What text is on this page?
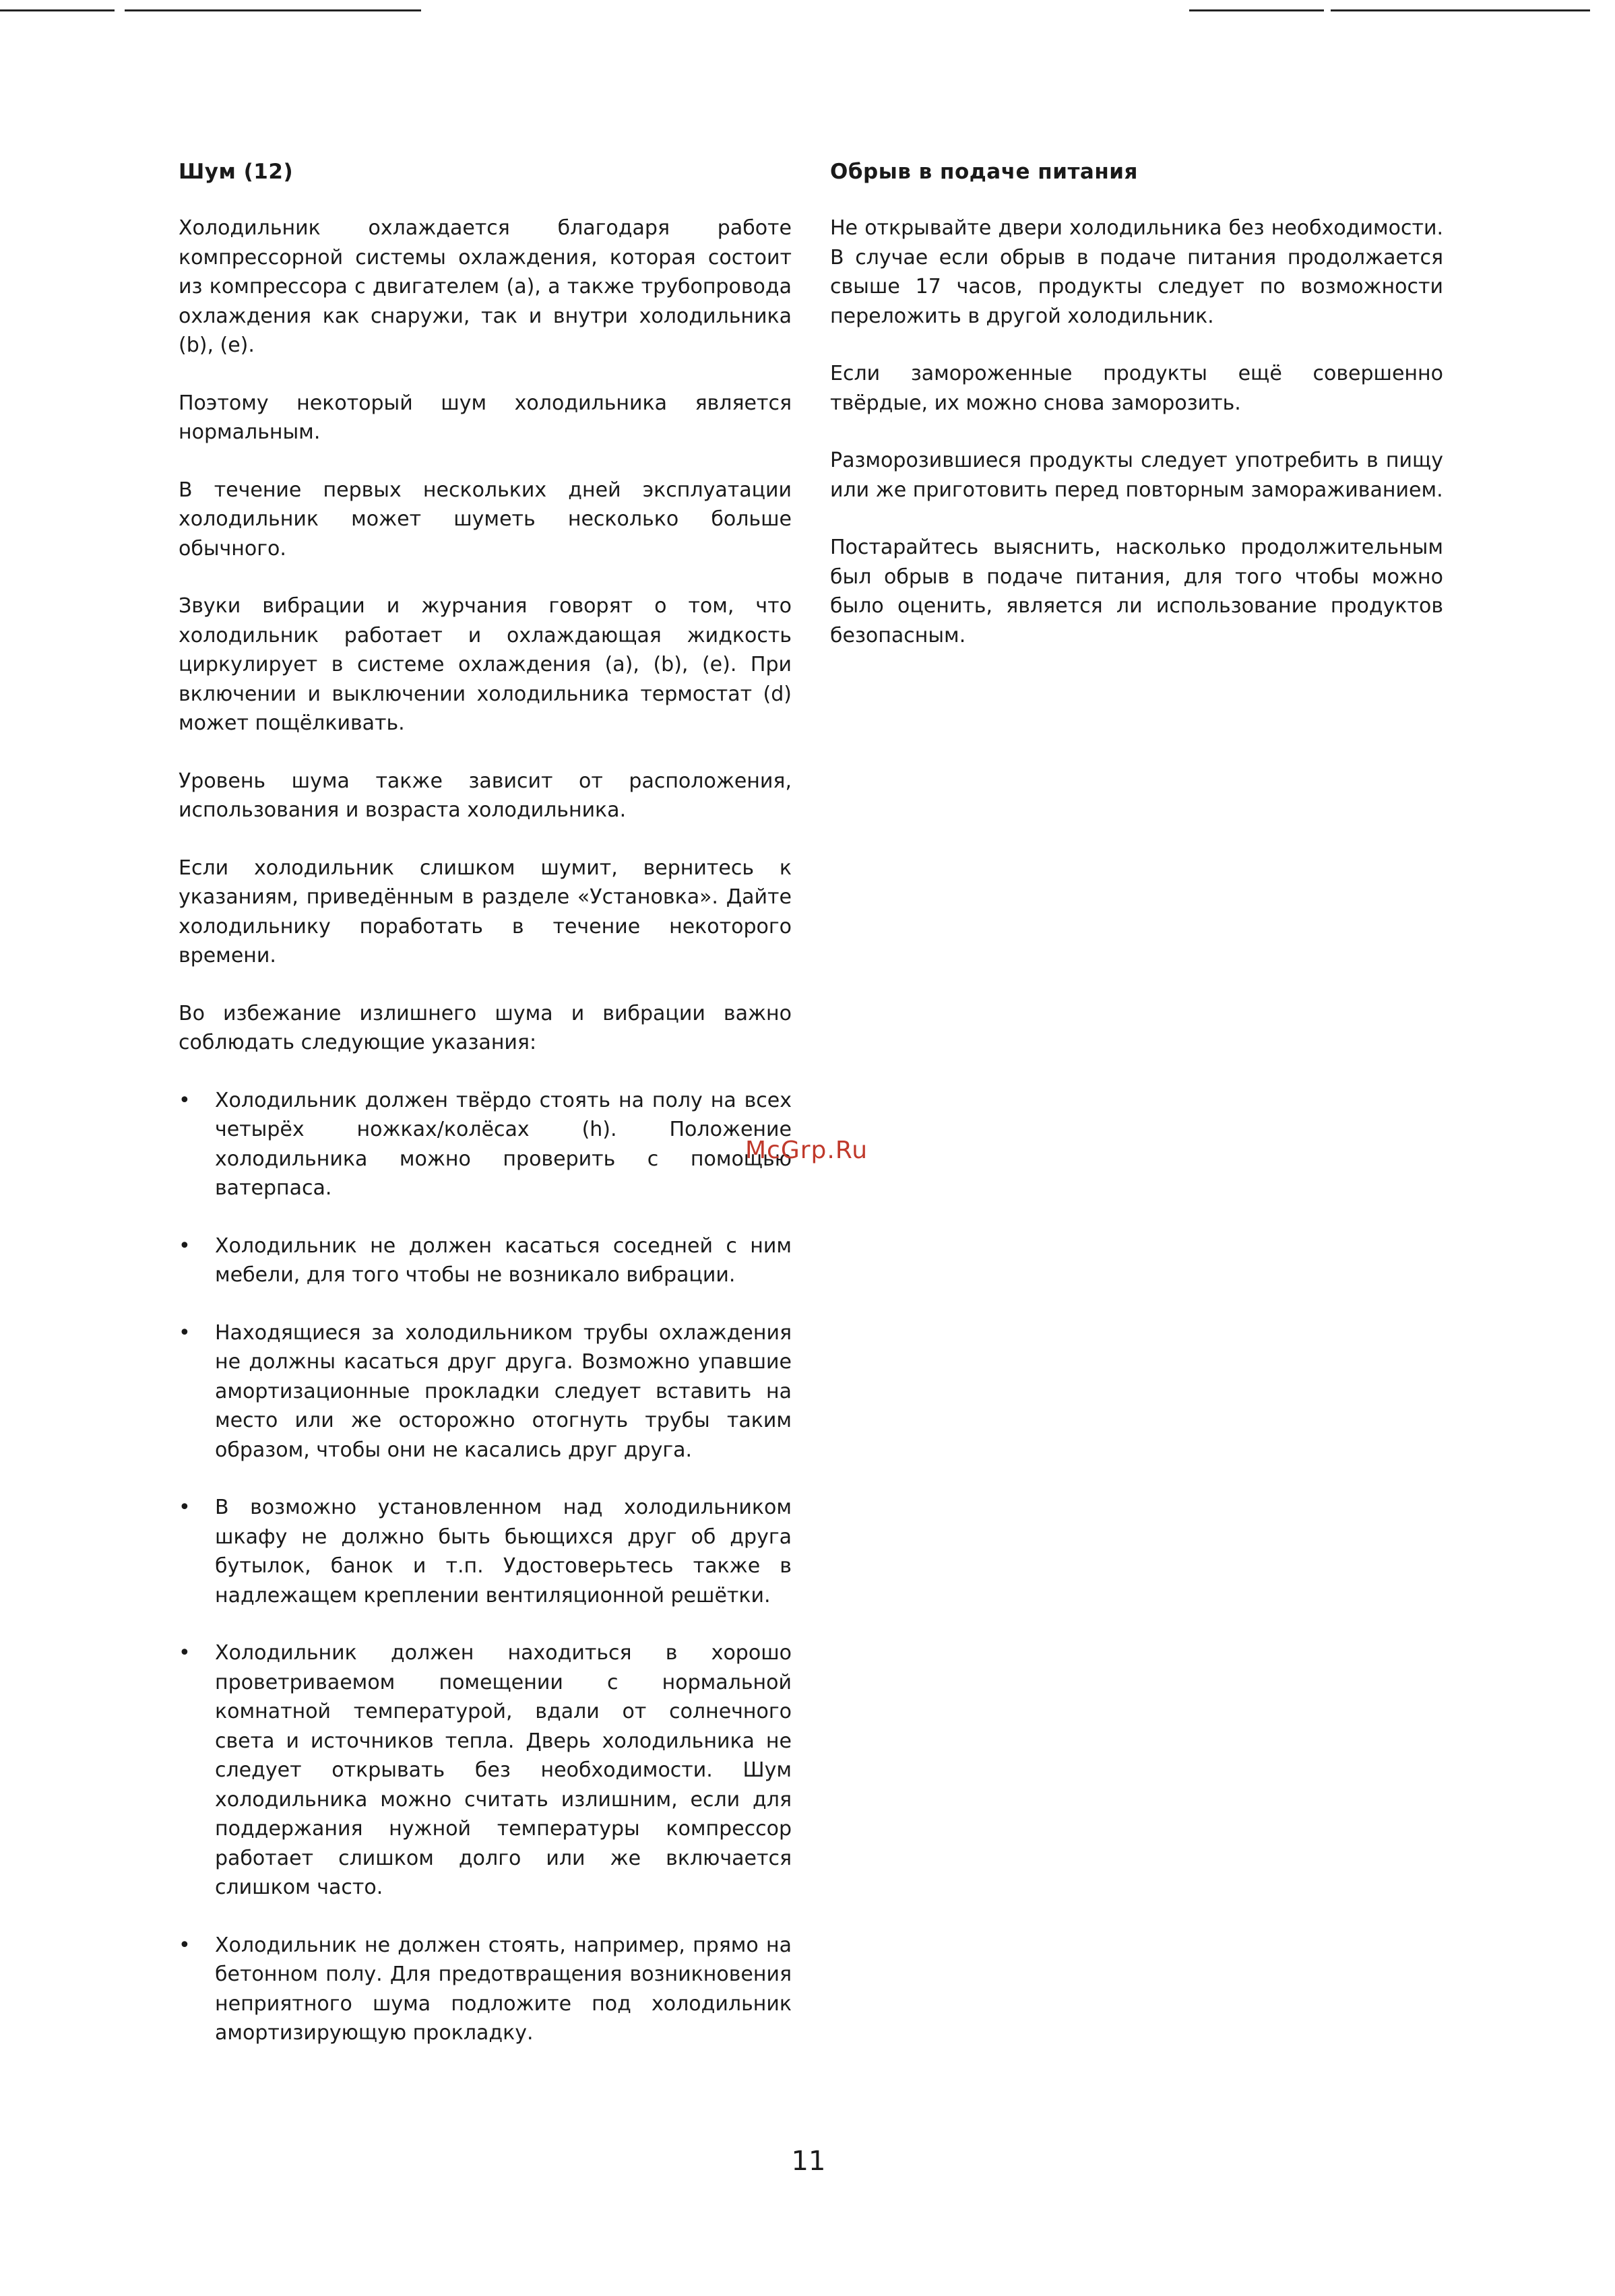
Шум (12)

Холодильник охлаждается благодаря работе компрессорной системы охлаждения, которая состоит из компрессора с двигателем (a), а также трубопровода охлаждения как снаружи, так и внутри холодильника (b), (e).

Поэтому некоторый шум холодильника является нормальным.

В течение первых нескольких дней эксплуатации холодильник может шуметь несколько больше обычного.

Звуки вибрации и журчания говорят о том, что холодильник работает и охлаждающая жидкость циркулирует в системе охлаждения (a), (b), (e). При включении и выключении холодильника термостат (d) может пощёлкивать.

Уровень шума также зависит от расположения, использования и возраста холодильника.

Если холодильник слишком шумит, вернитесь к указаниям, приведённым в разделе «Установка». Дайте холодильнику поработать в течение некоторого времени.

Во избежание излишнего шума и вибрации важно соблюдать следующие указания:

• Холодильник должен твёрдо стоять на полу на всех четырёх ножках/колёсах (h). Положение холодильника можно проверить с помощью ватерпаса.
• Холодильник не должен касаться соседней с ним мебели, для того чтобы не возникало вибрации.
• Находящиеся за холодильником трубы охлаждения не должны касаться друг друга. Возможно упавшие амортизационные прокладки следует вставить на место или же осторожно отогнуть трубы таким образом, чтобы они не касались друг друга.
• В возможно установленном над холодильником шкафу не должно быть бьющихся друг об друга бутылок, банок и т.п. Удостоверьтесь также в надлежащем креплении вентиляционной решётки.
• Холодильник должен находиться в хорошо проветриваемом помещении с нормальной комнатной температурой, вдали от солнечного света и источников тепла. Дверь холодильника не следует открывать без необходимости. Шум холодильника можно считать излишним, если для поддержания нужной температуры компрессор работает слишком долго или же включается слишком часто.
• Холодильник не должен стоять, например, прямо на бетонном полу. Для предотвращения возникновения неприятного шума подложите под холодильник амортизирующую прокладку.
Обрыв в подаче питания

Не открывайте двери холодильника без необходимости. В случае если обрыв в подаче питания продолжается свыше 17 часов, продукты следует по возможности переложить в другой холодильник.

Если замороженные продукты ещё совершенно твёрдые, их можно снова заморозить.

Разморозившиеся продукты следует употребить в пищу или же приготовить перед повторным замораживанием.

Постарайтесь выяснить, насколько продолжительным был обрыв в подаче питания, для того чтобы можно было оценить, является ли использование продуктов безопасным.

McGrp.Ru
11
